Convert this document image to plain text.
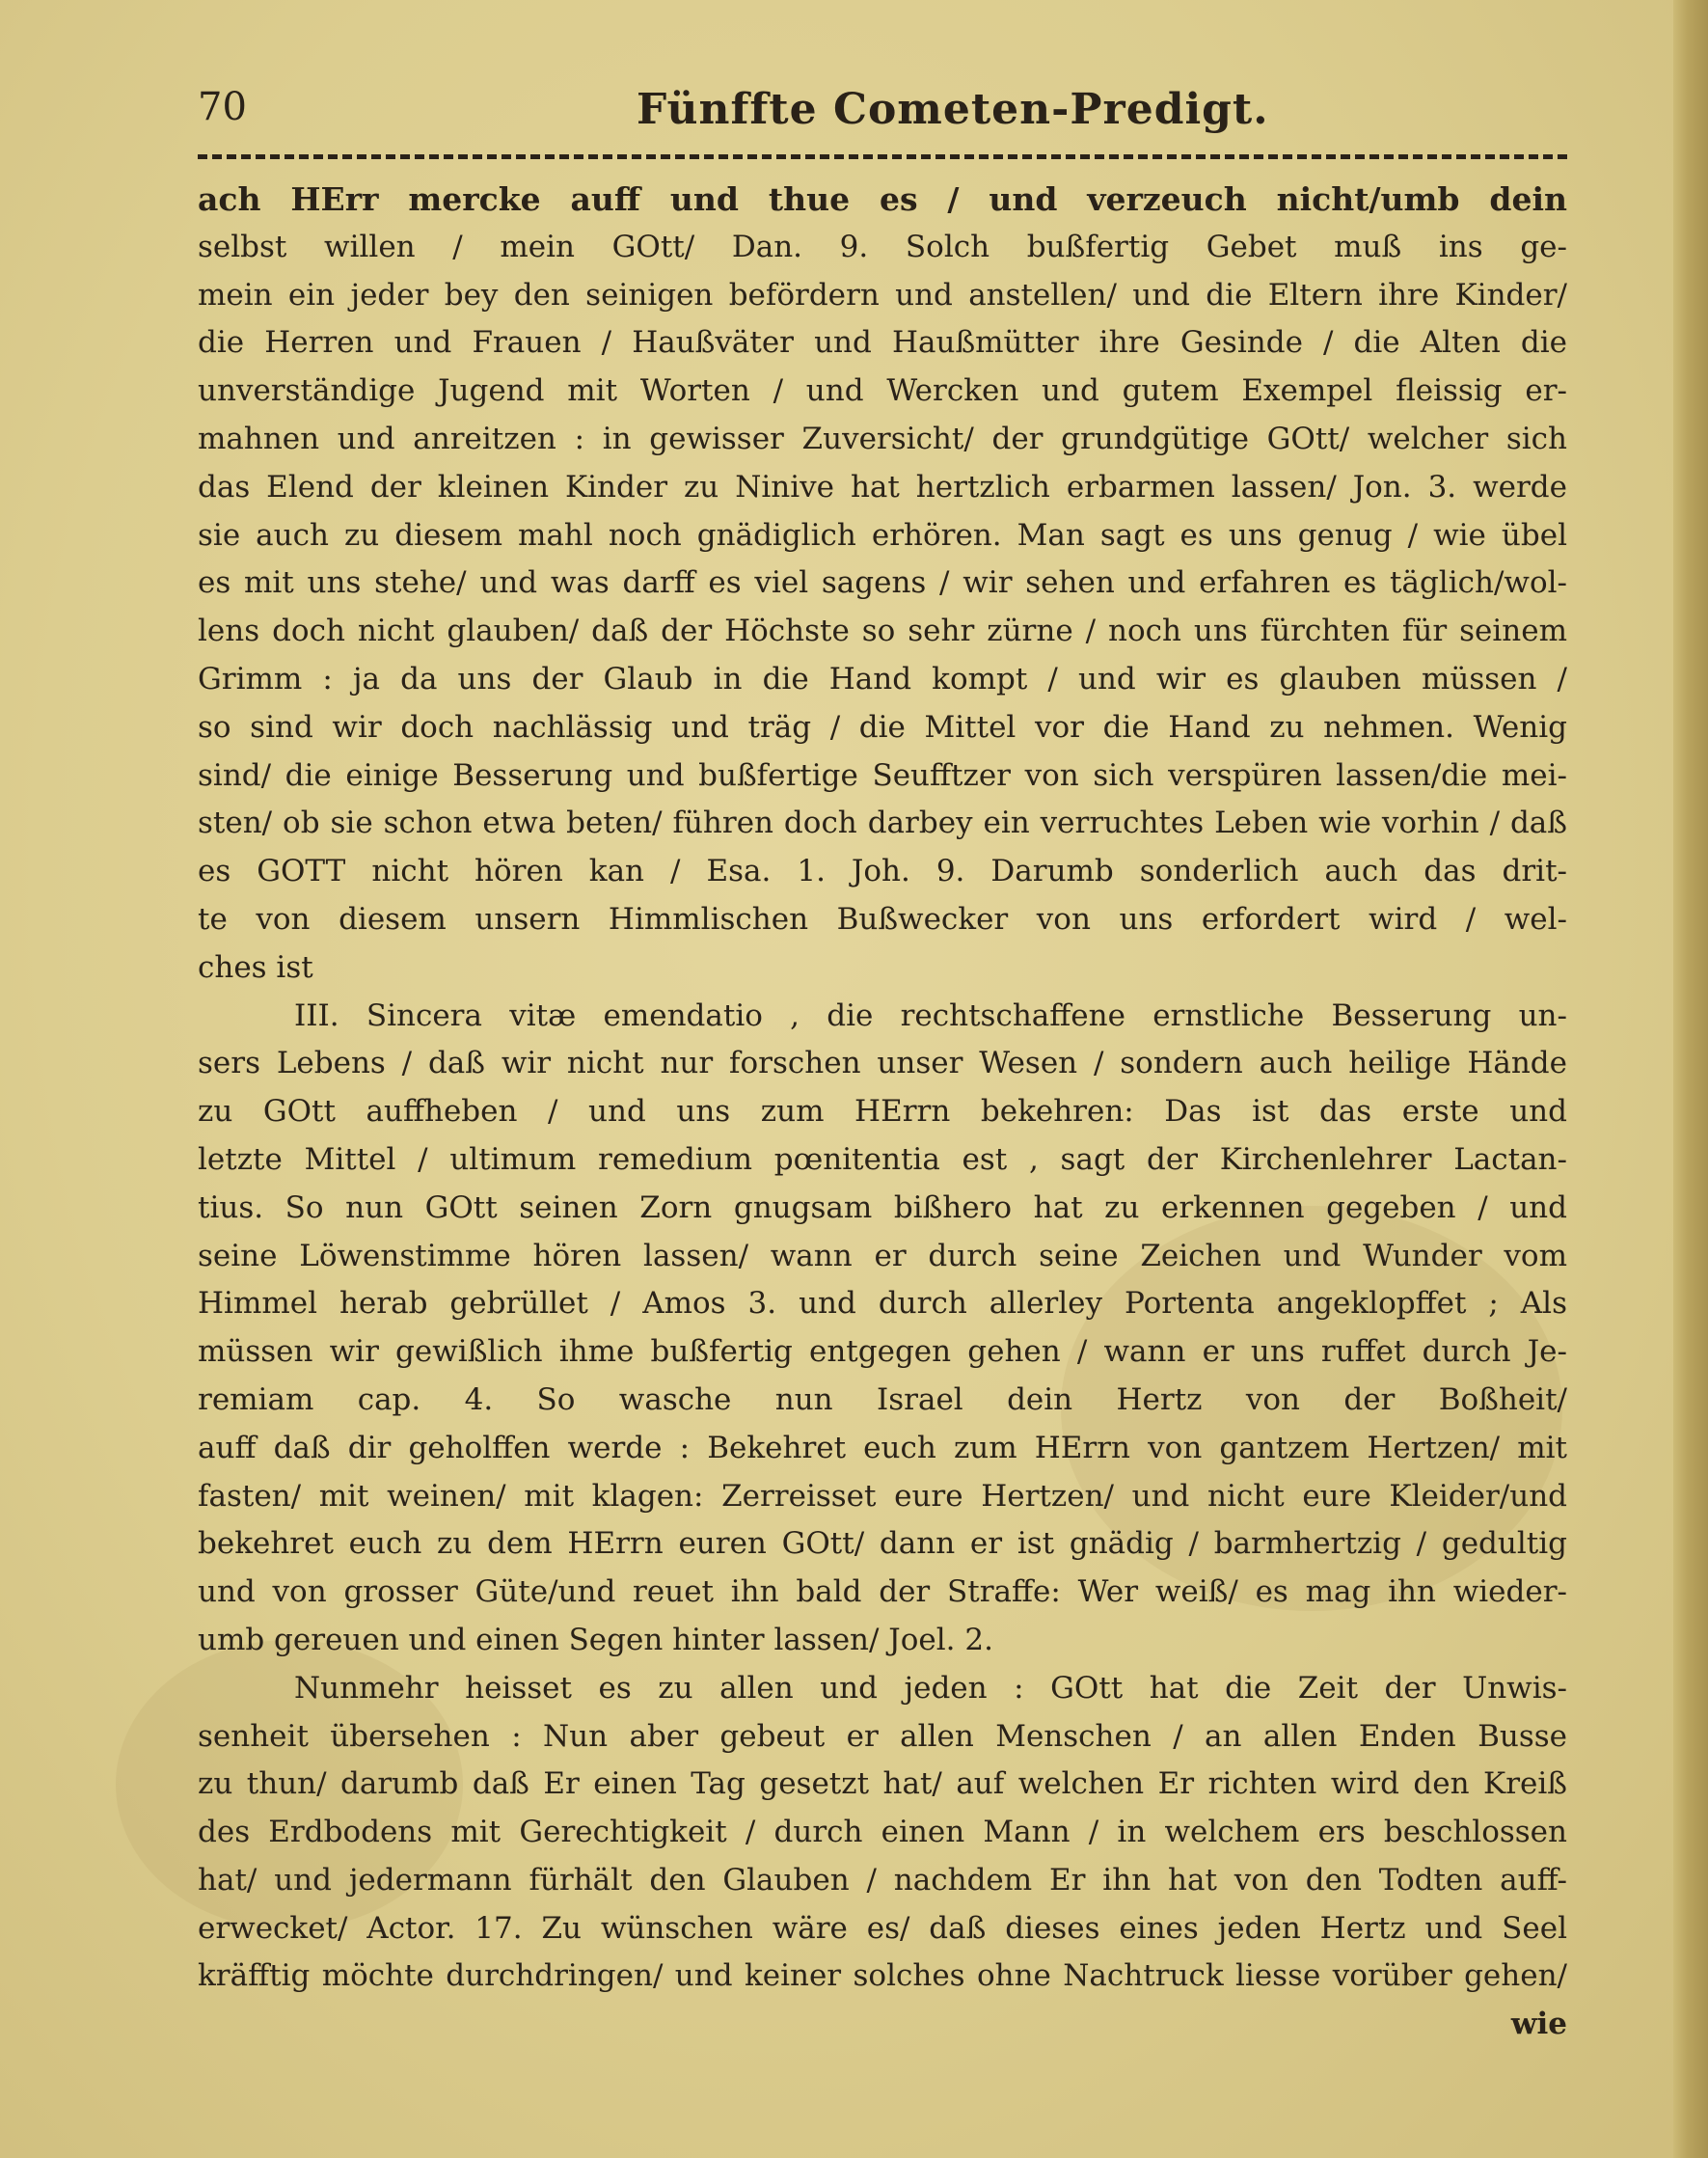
70	Fünffte Cometen-Predigt.
ach HErr mercke auff und thue es / und verzeuch nicht/umb dein
selbst willen / mein GOtt/ Dan. 9. Solch bußfertig Gebet muß ins ge-
mein ein jeder bey den seinigen befördern und anstellen/ und die Eltern ihre Kinder/
die Herren und Frauen / Haußväter und Haußmütter ihre Gesinde / die Alten die
unverständige Jugend mit Worten / und Wercken und gutem Exempel fleissig er-
mahnen und anreitzen : in gewisser Zuversicht/ der grundgütige GOtt/ welcher sich
das Elend der kleinen Kinder zu Ninive hat hertzlich erbarmen lassen/ Jon. 3. werde
sie auch zu diesem mahl noch gnädiglich erhören. Man sagt es uns genug / wie übel
es mit uns stehe/ und was darff es viel sagens / wir sehen und erfahren es täglich/wol-
lens doch nicht glauben/ daß der Höchste so sehr zürne / noch uns fürchten für seinem
Grimm : ja da uns der Glaub in die Hand kompt / und wir es glauben müssen /
so sind wir doch nachlässig und träg / die Mittel vor die Hand zu nehmen. Wenig
sind/ die einige Besserung und bußfertige Seufftzer von sich verspüren lassen/die mei-
sten/ ob sie schon etwa beten/ führen doch darbey ein verruchtes Leben wie vorhin / daß
es GOTT nicht hören kan / Esa. 1. Joh. 9. Darumb sonderlich auch das drit-
te von diesem unsern Himmlischen Bußwecker von uns erfordert wird / wel-
ches ist
III. Sincera vitæ emendatio , die rechtschaffene ernstliche Besserung un-
sers Lebens / daß wir nicht nur forschen unser Wesen / sondern auch heilige Hände
zu GOtt auffheben / und uns zum HErrn bekehren: Das ist das erste und
letzte Mittel / ultimum remedium pœnitentia est , sagt der Kirchenlehrer Lactan-
tius. So nun GOtt seinen Zorn gnugsam bißhero hat zu erkennen gegeben / und
seine Löwenstimme hören lassen/ wann er durch seine Zeichen und Wunder vom
Himmel herab gebrüllet / Amos 3. und durch allerley Portenta angeklopffet ; Als
müssen wir gewißlich ihme bußfertig entgegen gehen / wann er uns ruffet durch Je-
remiam cap. 4. So wasche nun Israel dein Hertz von der Boßheit/
auff daß dir geholffen werde : Bekehret euch zum HErrn von gantzem Hertzen/ mit
fasten/ mit weinen/ mit klagen: Zerreisset eure Hertzen/ und nicht eure Kleider/und
bekehret euch zu dem HErrn euren GOtt/ dann er ist gnädig / barmhertzig / gedultig
und von grosser Güte/und reuet ihn bald der Straffe: Wer weiß/ es mag ihn wieder-
umb gereuen und einen Segen hinter lassen/ Joel. 2.
Nunmehr heisset es zu allen und jeden : GOtt hat die Zeit der Unwis-
senheit übersehen : Nun aber gebeut er allen Menschen / an allen Enden Busse
zu thun/ darumb daß Er einen Tag gesetzt hat/ auf welchen Er richten wird den Kreiß
des Erdbodens mit Gerechtigkeit / durch einen Mann / in welchem ers beschlossen
hat/ und jedermann fürhält den Glauben / nachdem Er ihn hat von den Todten auff-
erwecket/ Actor. 17. Zu wünschen wäre es/ daß dieses eines jeden Hertz und Seel
kräfftig möchte durchdringen/ und keiner solches ohne Nachtruck liesse vorüber gehen/
wie
